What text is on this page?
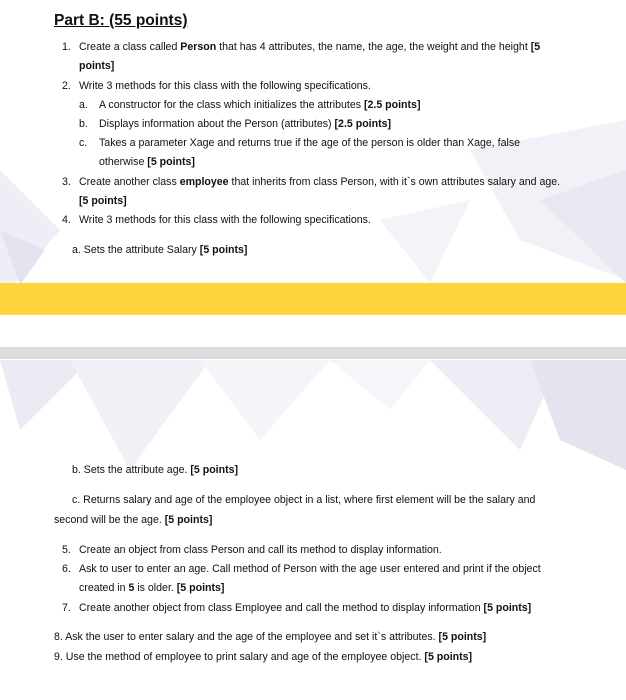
Part B: (55 points)
1. Create a class called Person that has 4 attributes, the name, the age, the weight and the height [5
points]
2. Write 3 methods for this class with the following specifications.
a. A constructor for the class which initializes the attributes [2.5 points]
b. Displays information about the Person (attributes) [2.5 points]
c. Takes a parameter Xage and returns true if the age of the person is older than Xage, false
otherwise [5 points]
3. Create another class employee that inherits from class Person, with it`s own attributes salary and age.
[5 points]
4. Write 3 methods for this class with the following specifications.
a. Sets the attribute Salary [5 points]
b. Sets the attribute age. [5 points]
c. Returns salary and age of the employee object in a list, where first element will be the salary and
second will be the age. [5 points]
5. Create an object from class Person and call its method to display information.
6. Ask to user to enter an age. Call method of Person with the age user entered and print if the object
created in 5 is older. [5 points]
7. Create another object from class Employee and call the method to display information [5 points]
8. Ask the user to enter salary and the age of the employee and set it`s attributes. [5 points]
9. Use the method of employee to print salary and age of the employee object. [5 points]
